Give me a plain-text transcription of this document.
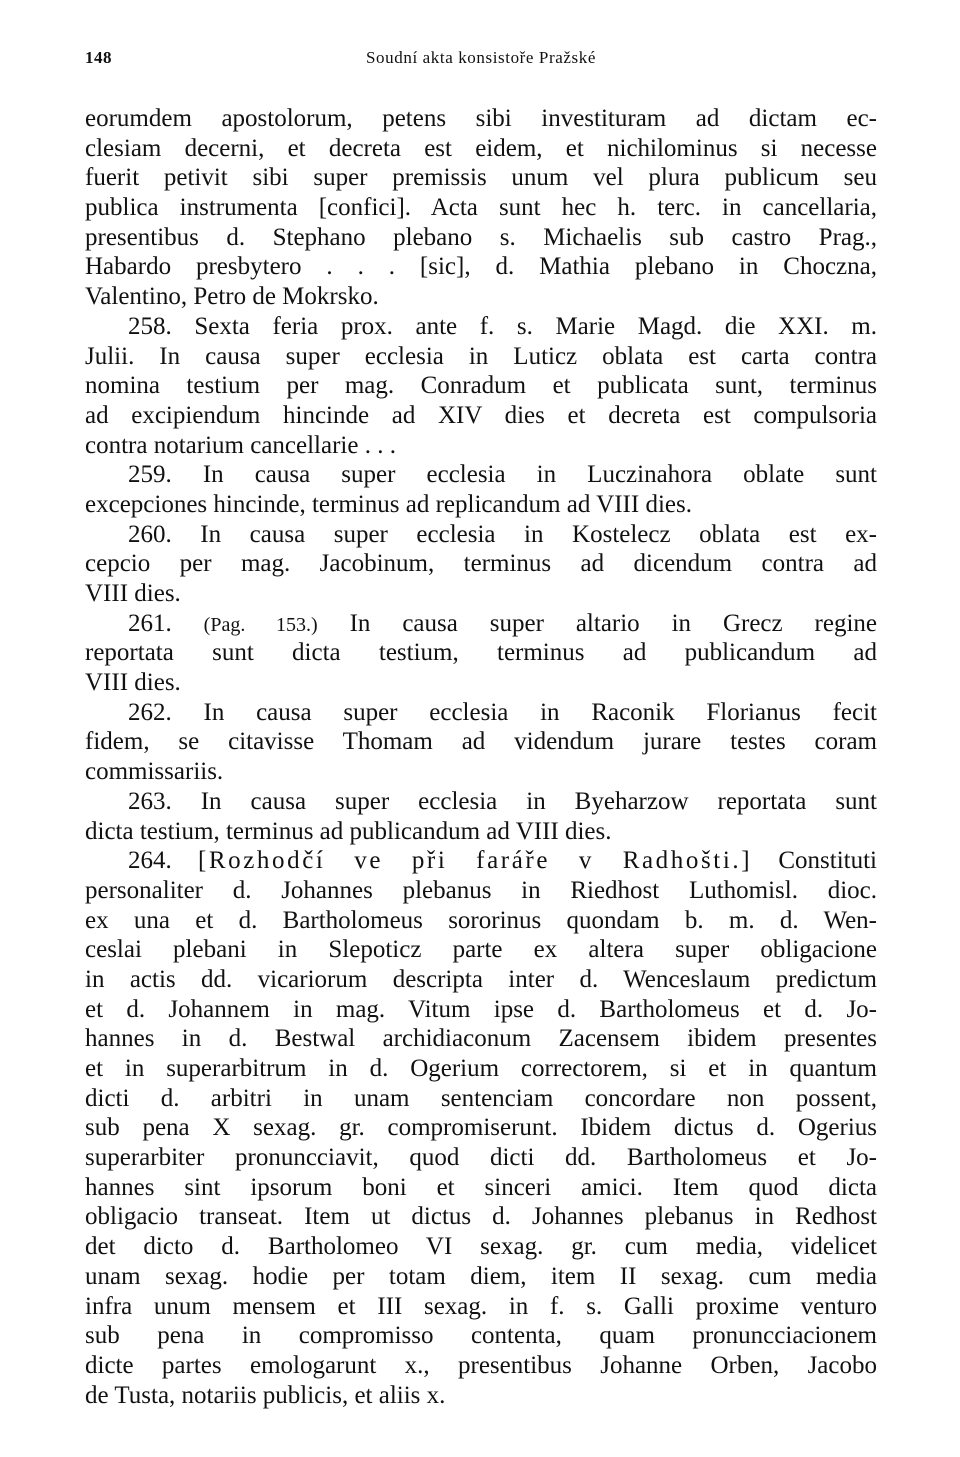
148	Soudní akta konsistoře Pražské
eorumdem apostolorum, petens sibi investituram ad dictam ec-
clesiam decerni, et decreta est eidem, et nichilominus si necesse
fuerit petivit sibi super premissis unum vel plura publicum seu
publica instrumenta [confici]. Acta sunt hec h. terc. in cancellaria,
presentibus d. Stephano plebano s. Michaelis sub castro Prag.,
Habardo presbytero . . . [sic], d. Mathia plebano in Choczna,
Valentino, Petro de Mokrsko.
258. Sexta feria prox. ante f. s. Marie Magd. die XXI. m.
Julii. In causa super ecclesia in Luticz oblata est carta contra
nomina testium per mag. Conradum et publicata sunt, terminus
ad excipiendum hincinde ad XIV dies et decreta est compulsoria
contra notarium cancellarie . . .
259. In causa super ecclesia in Luczinahora oblate sunt
excepciones hincinde, terminus ad replicandum ad VIII dies.
260. In causa super ecclesia in Kostelecz oblata est ex-
cepcio per mag. Jacobinum, terminus ad dicendum contra ad
VIII dies.
261. (Pag. 153.) In causa super altario in Grecz regine
reportata sunt dicta testium, terminus ad publicandum ad
VIII dies.
262. In causa super ecclesia in Raconik Florianus fecit
fidem, se citavisse Thomam ad videndum jurare testes coram
commissariis.
263. In causa super ecclesia in Byeharzow reportata sunt
dicta testium, terminus ad publicandum ad VIII dies.
264. [Rozhodčí ve při faráře v Radhošti.] Constituti
personaliter d. Johannes plebanus in Riedhost Luthomisl. dioc.
ex una et d. Bartholomeus sororinus quondam b. m. d. Wen-
ceslai plebani in Slepoticz parte ex altera super obligacione
in actis dd. vicariorum descripta inter d. Wenceslaum predictum
et d. Johannem in mag. Vitum ipse d. Bartholomeus et d. Jo-
hannes in d. Bestwal archidiaconum Zacensem ibidem presentes
et in superarbitrum in d. Ogerium correctorem, si et in quantum
dicti d. arbitri in unam sentenciam concordare non possent,
sub pena X sexag. gr. compromiserunt. Ibidem dictus d. Ogerius
superarbiter pronuncciavit, quod dicti dd. Bartholomeus et Jo-
hannes sint ipsorum boni et sinceri amici. Item quod dicta
obligacio transeat. Item ut dictus d. Johannes plebanus in Redhost
det dicto d. Bartholomeo VI sexag. gr. cum media, videlicet
unam sexag. hodie per totam diem, item II sexag. cum media
infra unum mensem et III sexag. in f. s. Galli proxime venturo
sub pena in compromisso contenta, quam pronuncciacionem
dicte partes emologarunt x., presentibus Johanne Orben, Jacobo
de Tusta, notariis publicis, et aliis x.
